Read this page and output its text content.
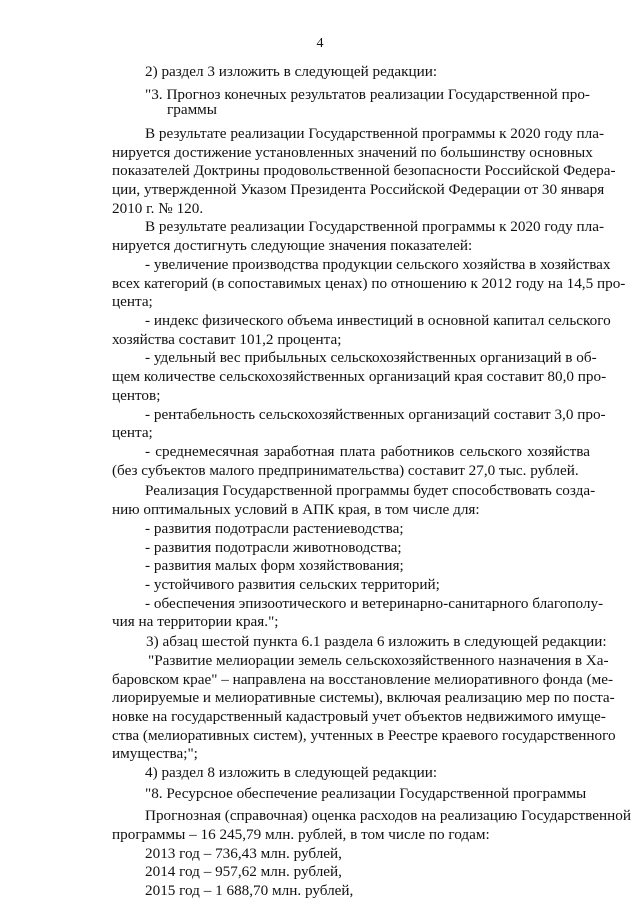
4
2) раздел 3 изложить в следующей редакции:
"3. Прогноз конечных результатов реализации Государственной про-
граммы
В результате реализации Государственной программы к 2020 году пла-
нируется достижение установленных значений по большинству основных
показателей Доктрины продовольственной безопасности Российской Федера-
ции, утвержденной Указом Президента Российской Федерации от 30 января
2010 г. № 120.
В результате реализации Государственной программы к 2020 году пла-
нируется достигнуть следующие значения показателей:
- увеличение производства продукции сельского хозяйства в хозяйствах
всех категорий (в сопоставимых ценах) по отношению к 2012 году на 14,5 про-
цента;
- индекс физического объема инвестиций в основной капитал сельского
хозяйства составит 101,2 процента;
- удельный вес прибыльных сельскохозяйственных организаций в об-
щем количестве сельскохозяйственных организаций края составит 80,0 про-
центов;
- рентабельность сельскохозяйственных организаций составит 3,0 про-
цента;
- среднемесячная заработная плата работников сельского хозяйства
(без субъектов малого предпринимательства) составит 27,0 тыс. рублей.
Реализация Государственной программы будет способствовать созда-
нию оптимальных условий в АПК края, в том числе для:
- развития подотрасли растениеводства;
- развития подотрасли животноводства;
- развития малых форм хозяйствования;
- устойчивого развития сельских территорий;
- обеспечения эпизоотического и ветеринарно-санитарного благополу-
чия на территории края.";
3) абзац шестой пункта 6.1 раздела 6 изложить в следующей редакции:
"Развитие мелиорации земель сельскохозяйственного назначения в Ха-
баровском крае" – направлена на восстановление мелиоративного фонда (ме-
лиорируемые и мелиоративные системы), включая реализацию мер по поста-
новке на государственный кадастровый учет объектов недвижимого имуще-
ства (мелиоративных систем), учтенных в Реестре краевого государственного
имущества;";
4) раздел 8 изложить в следующей редакции:
"8. Ресурсное обеспечение реализации Государственной программы
Прогнозная (справочная) оценка расходов на реализацию Государственной
программы – 16 245,79 млн. рублей, в том числе по годам:
2013 год – 736,43 млн. рублей,
2014 год – 957,62 млн. рублей,
2015 год – 1 688,70 млн. рублей,
